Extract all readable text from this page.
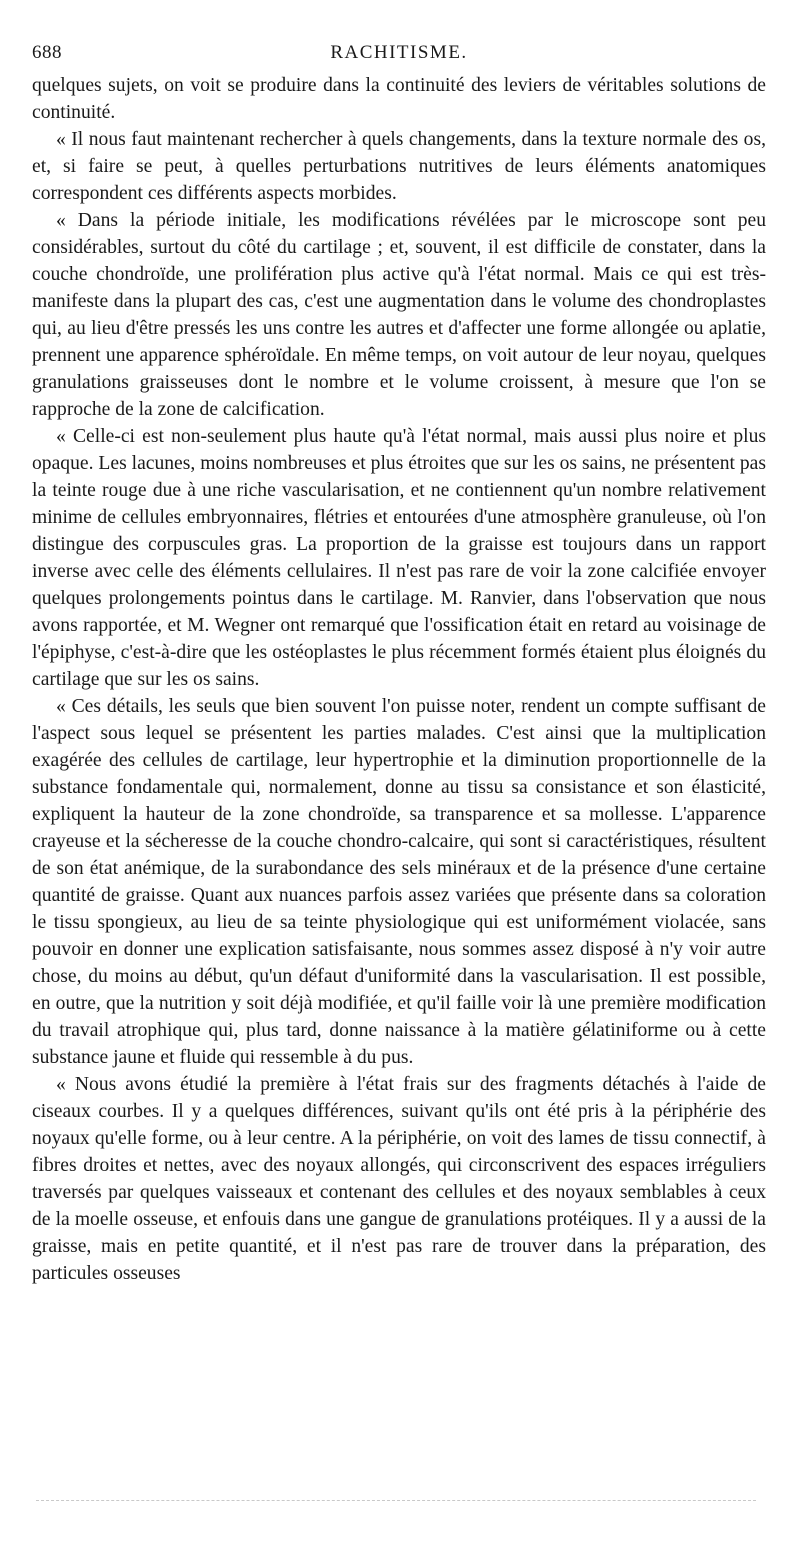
688	RACHITISME.

quelques sujets, on voit se produire dans la continuité des leviers de véritables solutions de continuité.

« Il nous faut maintenant rechercher à quels changements, dans la texture normale des os, et, si faire se peut, à quelles perturbations nutritives de leurs éléments anatomiques correspondent ces différents aspects morbides.

« Dans la période initiale, les modifications révélées par le microscope sont peu considérables, surtout du côté du cartilage ; et, souvent, il est difficile de constater, dans la couche chondroïde, une prolifération plus active qu'à l'état normal. Mais ce qui est très-manifeste dans la plupart des cas, c'est une augmentation dans le volume des chondroplastes qui, au lieu d'être pressés les uns contre les autres et d'affecter une forme allongée ou aplatie, prennent une apparence sphéroïdale. En même temps, on voit autour de leur noyau, quelques granulations graisseuses dont le nombre et le volume croissent, à mesure que l'on se rapproche de la zone de calcification.

« Celle-ci est non-seulement plus haute qu'à l'état normal, mais aussi plus noire et plus opaque. Les lacunes, moins nombreuses et plus étroites que sur les os sains, ne présentent pas la teinte rouge due à une riche vascularisation, et ne contiennent qu'un nombre relativement minime de cellules embryonnaires, flétries et entourées d'une atmosphère granuleuse, où l'on distingue des corpuscules gras. La proportion de la graisse est toujours dans un rapport inverse avec celle des éléments cellulaires. Il n'est pas rare de voir la zone calcifiée envoyer quelques prolongements pointus dans le cartilage. M. Ranvier, dans l'observation que nous avons rapportée, et M. Wegner ont remarqué que l'ossification était en retard au voisinage de l'épiphyse, c'est-à-dire que les ostéoplastes le plus récemment formés étaient plus éloignés du cartilage que sur les os sains.

« Ces détails, les seuls que bien souvent l'on puisse noter, rendent un compte suffisant de l'aspect sous lequel se présentent les parties malades. C'est ainsi que la multiplication exagérée des cellules de cartilage, leur hypertrophie et la diminution proportionnelle de la substance fondamentale qui, normalement, donne au tissu sa consistance et son élasticité, expliquent la hauteur de la zone chondroïde, sa transparence et sa mollesse. L'apparence crayeuse et la sécheresse de la couche chondro-calcaire, qui sont si caractéristiques, résultent de son état anémique, de la surabondance des sels minéraux et de la présence d'une certaine quantité de graisse. Quant aux nuances parfois assez variées que présente dans sa coloration le tissu spongieux, au lieu de sa teinte physiologique qui est uniformément violacée, sans pouvoir en donner une explication satisfaisante, nous sommes assez disposé à n'y voir autre chose, du moins au début, qu'un défaut d'uniformité dans la vascularisation. Il est possible, en outre, que la nutrition y soit déjà modifiée, et qu'il faille voir là une première modification du travail atrophique qui, plus tard, donne naissance à la matière gélatiniforme ou à cette substance jaune et fluide qui ressemble à du pus.

« Nous avons étudié la première à l'état frais sur des fragments détachés à l'aide de ciseaux courbes. Il y a quelques différences, suivant qu'ils ont été pris à la périphérie des noyaux qu'elle forme, ou à leur centre. A la périphérie, on voit des lames de tissu connectif, à fibres droites et nettes, avec des noyaux allongés, qui circonscrivent des espaces irréguliers traversés par quelques vaisseaux et contenant des cellules et des noyaux semblables à ceux de la moelle osseuse, et enfouis dans une gangue de granulations protéiques. Il y a aussi de la graisse, mais en petite quantité, et il n'est pas rare de trouver dans la préparation, des particules osseuses
